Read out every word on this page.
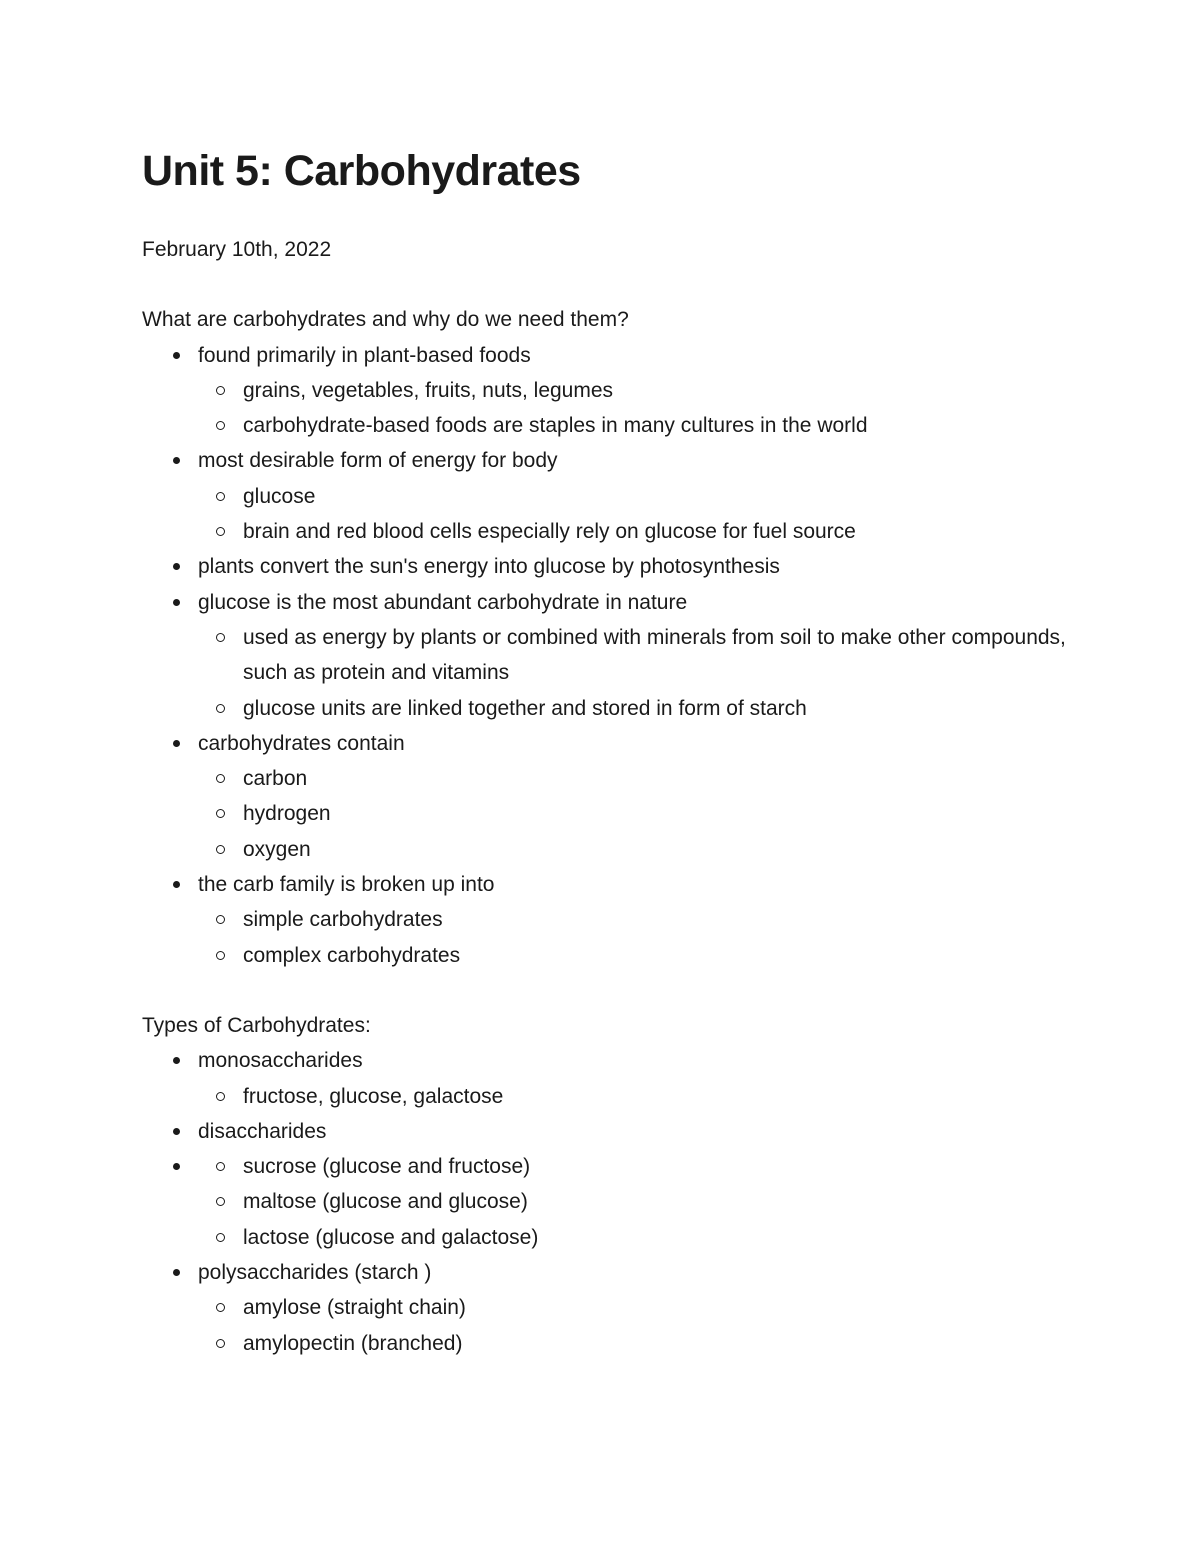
Unit 5: Carbohydrates

February 10th, 2022

What are carbohydrates and why do we need them?

found primarily in plant-based foods
grains, vegetables, fruits, nuts, legumes
carbohydrate-based foods are staples in many cultures in the world
most desirable form of energy for body
glucose
brain and red blood cells especially rely on glucose for fuel source
plants convert the sun's energy into glucose by photosynthesis
glucose is the most abundant carbohydrate in nature
used as energy by plants or combined with minerals from soil to make other compounds, such as protein and vitamins
glucose units are linked together and stored in form of starch
carbohydrates contain
carbon
hydrogen
oxygen
the carb family is broken up into
simple carbohydrates
complex carbohydrates

Types of Carbohydrates:

monosaccharides
fructose, glucose, galactose
disaccharides
sucrose (glucose and fructose)
maltose (glucose and glucose)
lactose (glucose and galactose)
polysaccharides (starch )
amylose (straight chain)
amylopectin (branched)
